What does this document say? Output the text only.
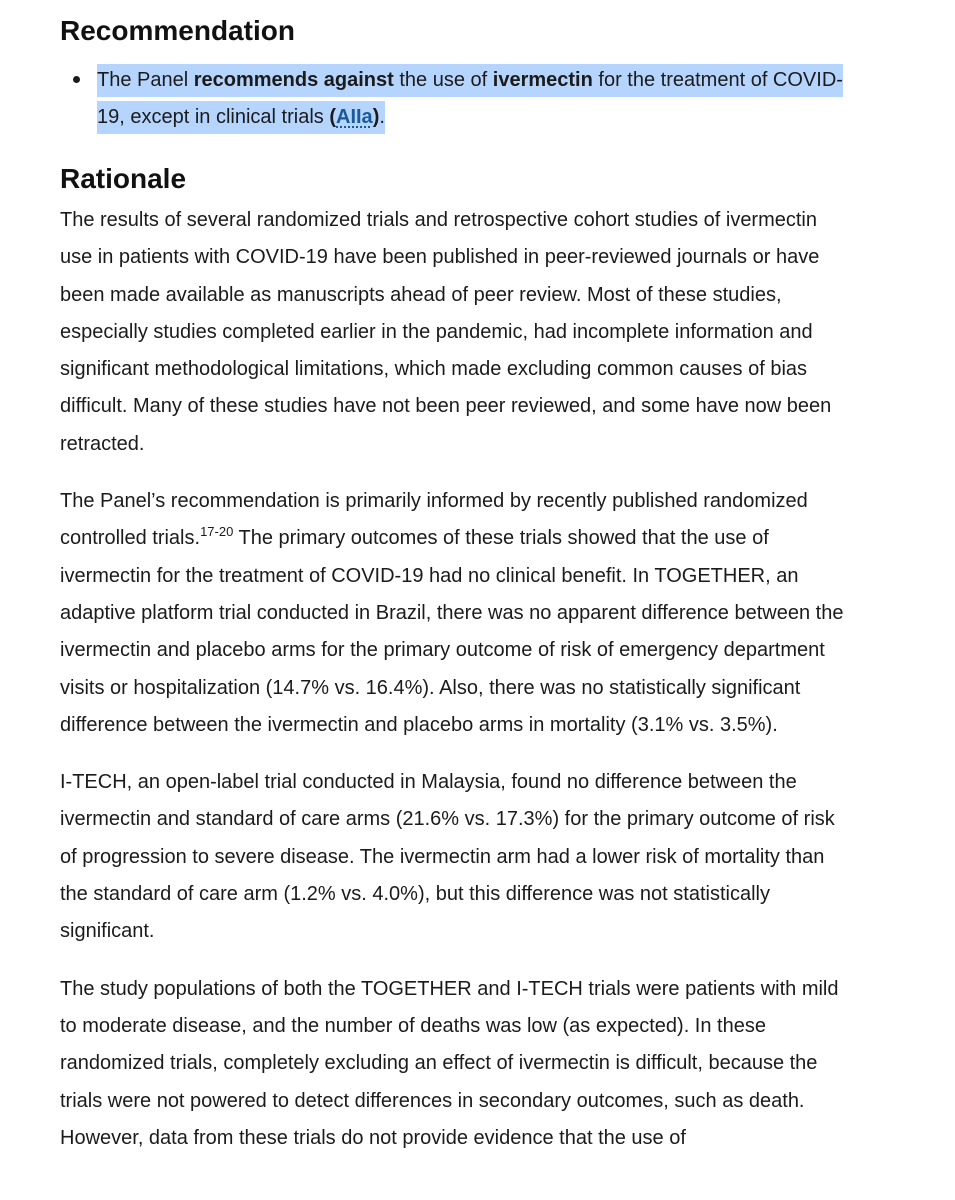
Recommendation
The Panel recommends against the use of ivermectin for the treatment of COVID-19, except in clinical trials (AIIa).
Rationale

The results of several randomized trials and retrospective cohort studies of ivermectin use in patients with COVID-19 have been published in peer-reviewed journals or have been made available as manuscripts ahead of peer review. Most of these studies, especially studies completed earlier in the pandemic, had incomplete information and significant methodological limitations, which made excluding common causes of bias difficult. Many of these studies have not been peer reviewed, and some have now been retracted.

The Panel’s recommendation is primarily informed by recently published randomized controlled trials.$^{17-20}$ The primary outcomes of these trials showed that the use of ivermectin for the treatment of COVID-19 had no clinical benefit. In TOGETHER, an adaptive platform trial conducted in Brazil, there was no apparent difference between the ivermectin and placebo arms for the primary outcome of risk of emergency department visits or hospitalization (14.7% vs. 16.4%). Also, there was no statistically significant difference between the ivermectin and placebo arms in mortality (3.1% vs. 3.5%).

I-TECH, an open-label trial conducted in Malaysia, found no difference between the ivermectin and standard of care arms (21.6% vs. 17.3%) for the primary outcome of risk of progression to severe disease. The ivermectin arm had a lower risk of mortality than the standard of care arm (1.2% vs. 4.0%), but this difference was not statistically significant.

The study populations of both the TOGETHER and I-TECH trials were patients with mild to moderate disease, and the number of deaths was low (as expected). In these randomized trials, completely excluding an effect of ivermectin is difficult, because the trials were not powered to detect differences in secondary outcomes, such as death. However, data from these trials do not provide evidence that the use of
